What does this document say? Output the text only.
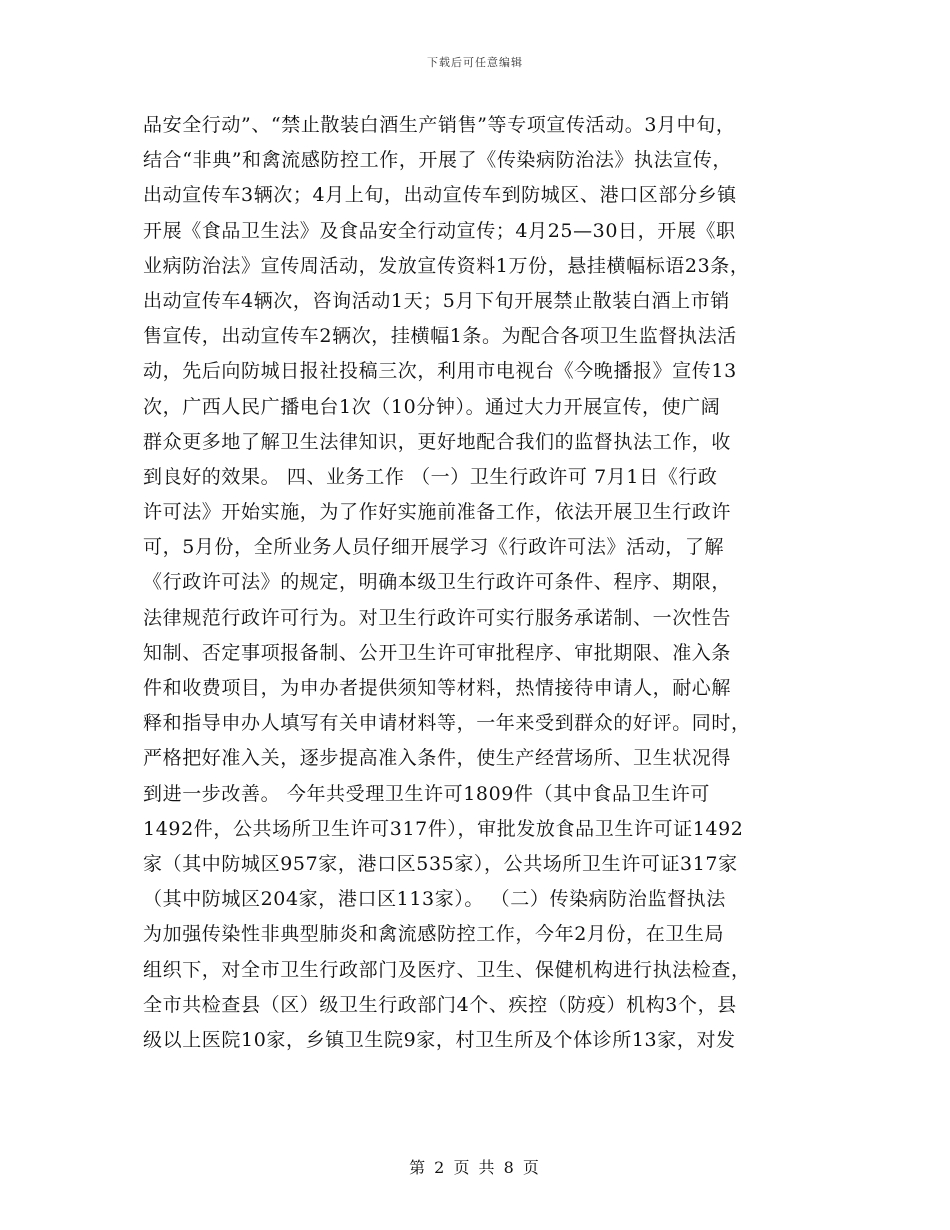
下载后可任意编辑
品安全行动”、“禁止散装白酒生产销售”等专项宣传活动。3月中旬，
结合“非典”和禽流感防控工作，开展了《传染病防治法》执法宣传，
出动宣传车3辆次；4月上旬，出动宣传车到防城区、港口区部分乡镇
开展《食品卫生法》及食品安全行动宣传；4月25—30日，开展《职
业病防治法》宣传周活动，发放宣传资料1万份，悬挂横幅标语23条，
出动宣传车4辆次，咨询活动1天；5月下旬开展禁止散装白酒上市销
售宣传，出动宣传车2辆次，挂横幅1条。为配合各项卫生监督执法活
动，先后向防城日报社投稿三次，利用市电视台《今晚播报》宣传13
次，广西人民广播电台1次（10分钟）。通过大力开展宣传，使广阔
群众更多地了解卫生法律知识，更好地配合我们的监督执法工作，收
到良好的效果。 四、业务工作 （一）卫生行政许可 7月1日《行政
许可法》开始实施，为了作好实施前准备工作，依法开展卫生行政许
可，5月份，全所业务人员仔细开展学习《行政许可法》活动，了解
《行政许可法》的规定，明确本级卫生行政许可条件、程序、期限，
法律规范行政许可行为。对卫生行政许可实行服务承诺制、一次性告
知制、否定事项报备制、公开卫生许可审批程序、审批期限、准入条
件和收费项目，为申办者提供须知等材料，热情接待申请人，耐心解
释和指导申办人填写有关申请材料等，一年来受到群众的好评。同时，
严格把好准入关，逐步提高准入条件，使生产经营场所、卫生状况得
到进一步改善。 今年共受理卫生许可1809件（其中食品卫生许可
1492件，公共场所卫生许可317件），审批发放食品卫生许可证1492
家（其中防城区957家，港口区535家），公共场所卫生许可证317家
（其中防城区204家，港口区113家）。 （二）传染病防治监督执法
为加强传染性非典型肺炎和禽流感防控工作，今年2月份，在卫生局
组织下，对全市卫生行政部门及医疗、卫生、保健机构进行执法检查，
全市共检查县（区）级卫生行政部门4个、疾控（防疫）机构3个，县
级以上医院10家，乡镇卫生院9家，村卫生所及个体诊所13家，对发
第 2 页 共 8 页
